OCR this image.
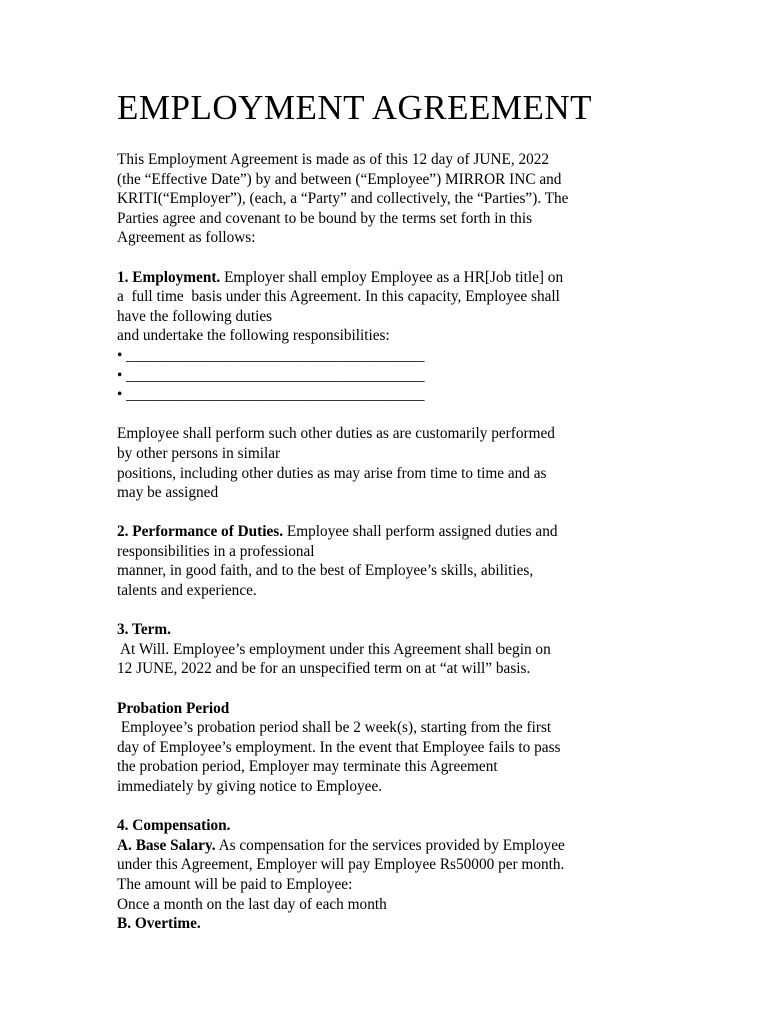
EMPLOYMENT AGREEMENT
This Employment Agreement is made as of this 12 day of JUNE, 2022
(the “Effective Date”) by and between (“Employee”) MIRROR INC and
KRITI(“Employer”), (each, a “Party” and collectively, the “Parties”). The
Parties agree and covenant to be bound by the terms set forth in this
Agreement as follows:
1. Employment. Employer shall employ Employee as a HR[Job title] on
a  full time  basis under this Agreement. In this capacity, Employee shall
have the following duties
and undertake the following responsibilities:
• _______________________________________
• _______________________________________
• _______________________________________
Employee shall perform such other duties as are customarily performed
by other persons in similar
positions, including other duties as may arise from time to time and as
may be assigned
2. Performance of Duties. Employee shall perform assigned duties and
responsibilities in a professional
manner, in good faith, and to the best of Employee’s skills, abilities,
talents and experience.
3. Term.
At Will. Employee’s employment under this Agreement shall begin on
12 JUNE, 2022 and be for an unspecified term on at “at will” basis.
Probation Period
Employee’s probation period shall be 2 week(s), starting from the first
day of Employee’s employment. In the event that Employee fails to pass
the probation period, Employer may terminate this Agreement
immediately by giving notice to Employee.
4. Compensation.
A. Base Salary. As compensation for the services provided by Employee
under this Agreement, Employer will pay Employee Rs50000 per month.
The amount will be paid to Employee:
Once a month on the last day of each month
B. Overtime.
